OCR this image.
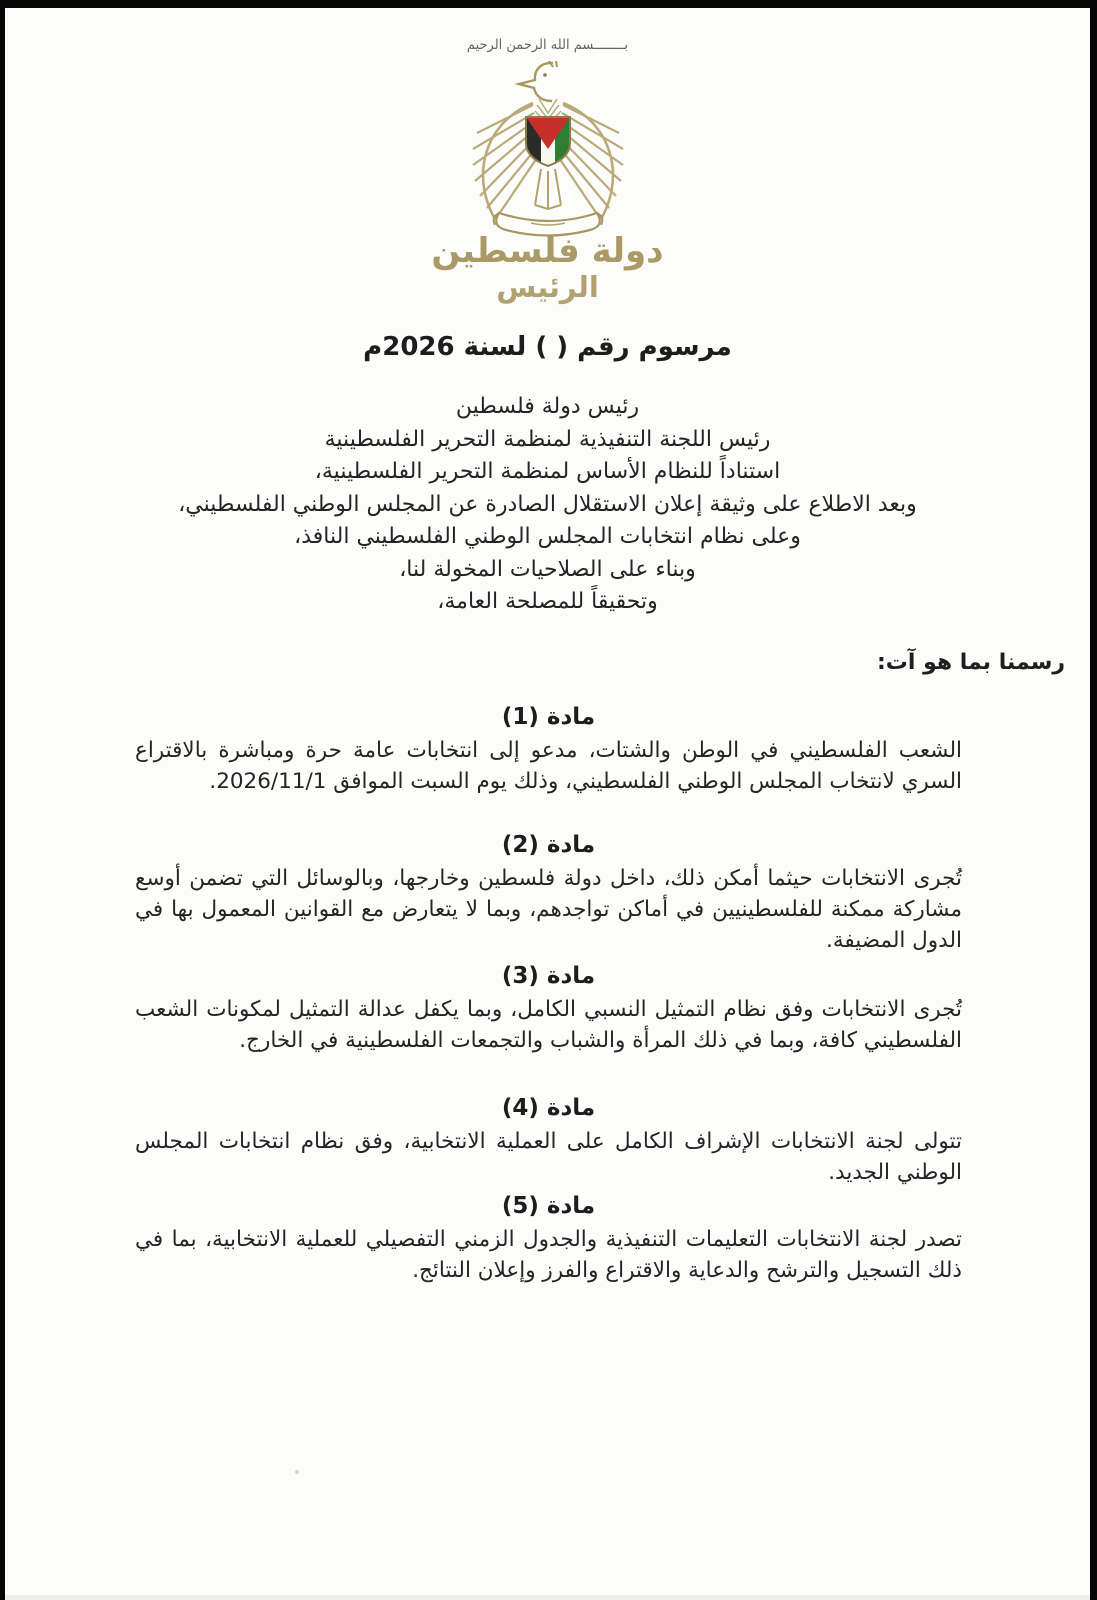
بــــــــسم الله الرحمن الرحيم
دولة فلسطين
الرئيس
مرسوم رقم ( ) لسنة 2026م
رئيس دولة فلسطين
رئيس اللجنة التنفيذية لمنظمة التحرير الفلسطينية
استناداً للنظام الأساس لمنظمة التحرير الفلسطينية،
وبعد الاطلاع على وثيقة إعلان الاستقلال الصادرة عن المجلس الوطني الفلسطيني،
وعلى نظام انتخابات المجلس الوطني الفلسطيني النافذ،
وبناء على الصلاحيات المخولة لنا،
وتحقيقاً للمصلحة العامة،
رسمنا بما هو آت:
مادة (1)

الشعب الفلسطيني في الوطن والشتات، مدعو إلى انتخابات عامة حرة ومباشرة بالاقتراع السري لانتخاب المجلس الوطني الفلسطيني، وذلك يوم السبت الموافق 2026/11/1.

مادة (2)

تُجرى الانتخابات حيثما أمكن ذلك، داخل دولة فلسطين وخارجها، وبالوسائل التي تضمن أوسع مشاركة ممكنة للفلسطينيين في أماكن تواجدهم، وبما لا يتعارض مع القوانين المعمول بها في الدول المضيفة.

مادة (3)

تُجرى الانتخابات وفق نظام التمثيل النسبي الكامل، وبما يكفل عدالة التمثيل لمكونات الشعب الفلسطيني كافة، وبما في ذلك المرأة والشباب والتجمعات الفلسطينية في الخارج.

مادة (4)

تتولى لجنة الانتخابات الإشراف الكامل على العملية الانتخابية، وفق نظام انتخابات المجلس الوطني الجديد.

مادة (5)

تصدر لجنة الانتخابات التعليمات التنفيذية والجدول الزمني التفصيلي للعملية الانتخابية، بما في ذلك التسجيل والترشح والدعاية والاقتراع والفرز وإعلان النتائج.
